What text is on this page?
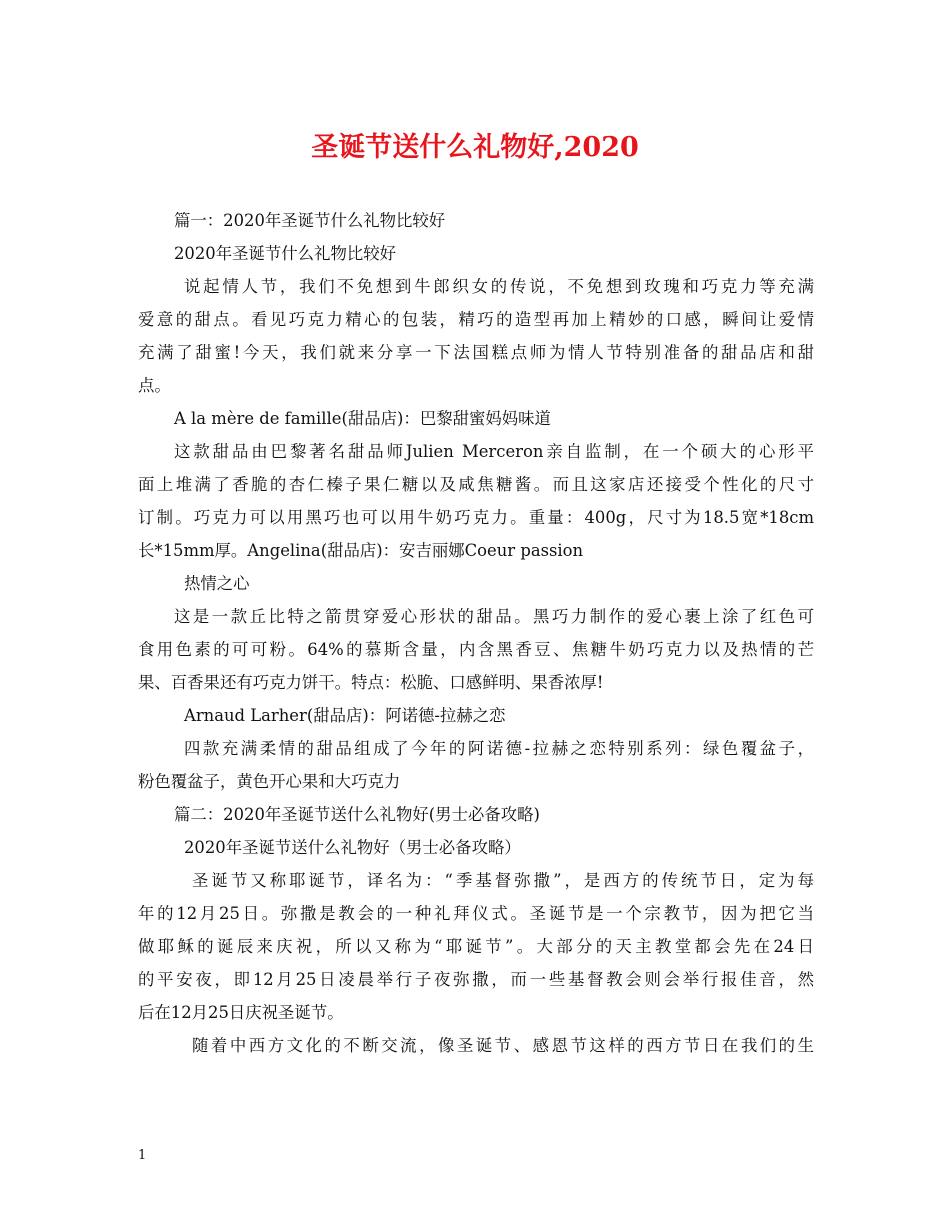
圣诞节送什么礼物好,2020
篇一：2020年圣诞节什么礼物比较好
2020年圣诞节什么礼物比较好
说起情人节，我们不免想到牛郎织女的传说，不免想到玫瑰和巧克力等充满
爱意的甜点。看见巧克力精心的包装，精巧的造型再加上精妙的口感，瞬间让爱情
充满了甜蜜!今天，我们就来分享一下法国糕点师为情人节特别准备的甜品店和甜
点。
A la mère de famille(甜品店)：巴黎甜蜜妈妈味道
这款甜品由巴黎著名甜品师Julien Merceron亲自监制，在一个硕大的心形平
面上堆满了香脆的杏仁榛子果仁糖以及咸焦糖酱。而且这家店还接受个性化的尺寸
订制。巧克力可以用黑巧也可以用牛奶巧克力。重量：400g，尺寸为18.5宽*18cm
长*15mm厚。Angelina(甜品店)：安吉丽娜Coeur passion
热情之心
这是一款丘比特之箭贯穿爱心形状的甜品。黑巧力制作的爱心裹上涂了红色可
食用色素的可可粉。64%的慕斯含量，内含黑香豆、焦糖牛奶巧克力以及热情的芒
果、百香果还有巧克力饼干。特点：松脆、口感鲜明、果香浓厚!
Arnaud Larher(甜品店)：阿诺德-拉赫之恋
四款充满柔情的甜品组成了今年的阿诺德-拉赫之恋特别系列：绿色覆盆子，
粉色覆盆子，黄色开心果和大巧克力
篇二：2020年圣诞节送什么礼物好(男士必备攻略)
2020年圣诞节送什么礼物好（男士必备攻略）
圣诞节又称耶诞节，译名为：“季基督弥撒”，是西方的传统节日，定为每
年的12月25日。弥撒是教会的一种礼拜仪式。圣诞节是一个宗教节，因为把它当
做耶稣的诞辰来庆祝，所以又称为“耶诞节”。大部分的天主教堂都会先在24日
的平安夜，即12月25日凌晨举行子夜弥撒，而一些基督教会则会举行报佳音，然
后在12月25日庆祝圣诞节。
随着中西方文化的不断交流，像圣诞节、感恩节这样的西方节日在我们的生
1
